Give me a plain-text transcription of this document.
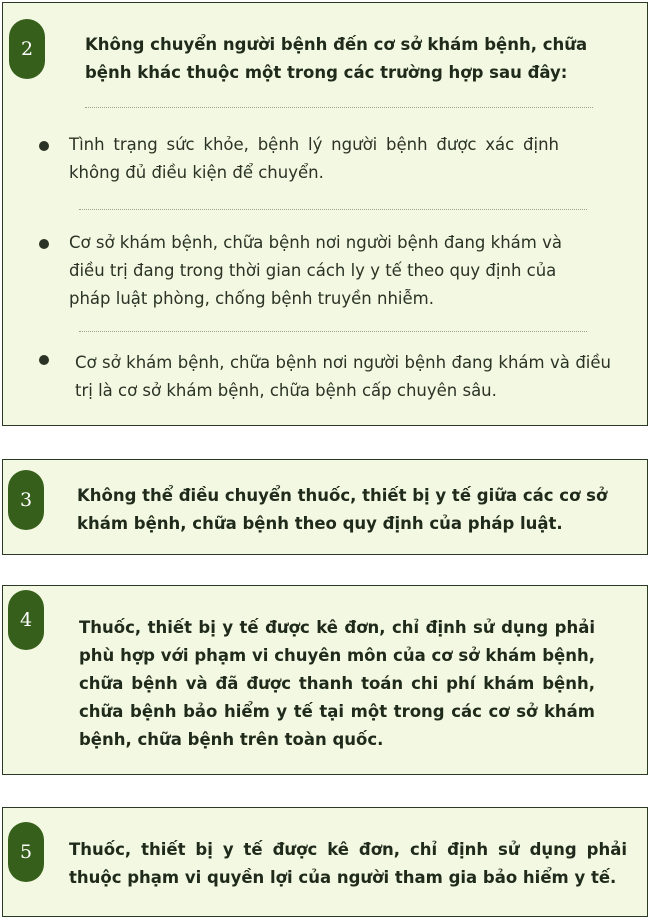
2	Không chuyển người bệnh đến cơ sở khám bệnh, chữa bệnh khác thuộc một trong các trường hợp sau đây:

Tình trạng sức khỏe, bệnh lý người bệnh được xác định không đủ điều kiện để chuyển.
Cơ sở khám bệnh, chữa bệnh nơi người bệnh đang khám và điều trị đang trong thời gian cách ly y tế theo quy định của pháp luật phòng, chống bệnh truyền nhiễm.
Cơ sở khám bệnh, chữa bệnh nơi người bệnh đang khám và điều trị là cơ sở khám bệnh, chữa bệnh cấp chuyên sâu.
3	Không thể điều chuyển thuốc, thiết bị y tế giữa các cơ sở khám bệnh, chữa bệnh theo quy định của pháp luật.

4	Thuốc, thiết bị y tế được kê đơn, chỉ định sử dụng phải phù hợp với phạm vi chuyên môn của cơ sở khám bệnh, chữa bệnh và đã được thanh toán chi phí khám bệnh, chữa bệnh bảo hiểm y tế tại một trong các cơ sở khám bệnh, chữa bệnh trên toàn quốc.

5	Thuốc, thiết bị y tế được kê đơn, chỉ định sử dụng phải thuộc phạm vi quyền lợi của người tham gia bảo hiểm y tế.
